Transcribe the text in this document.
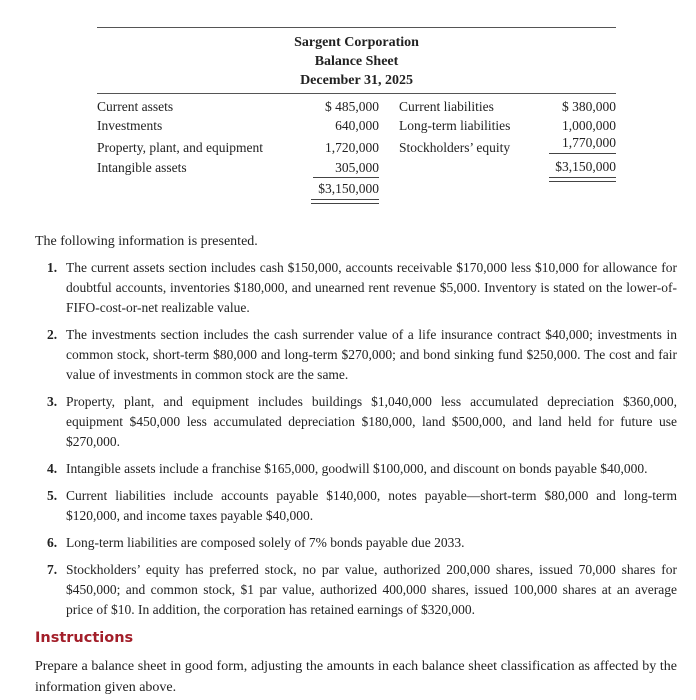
Sargent Corporation
Balance Sheet
December 31, 2025
Current assets	$ 485,000
Investments	640,000
Property, plant, and equipment	1,720,000
Intangible assets	305,000
$3,150,000
Current liabilities	$ 380,000
Long-term liabilities	1,000,000
Stockholders’ equity	1,770,000
$3,150,000
The following information is presented.
1. The current assets section includes cash $150,000, accounts receivable $170,000 less $10,000 for allowance for doubtful accounts, inventories $180,000, and unearned rent revenue $5,000. Inventory is stated on the lower-of-FIFO-cost-or-net realizable value.
2. The investments section includes the cash surrender value of a life insurance contract $40,000; investments in common stock, short-term $80,000 and long-term $270,000; and bond sinking fund $250,000. The cost and fair value of investments in common stock are the same.
3. Property, plant, and equipment includes buildings $1,040,000 less accumulated depreciation $360,000, equipment $450,000 less accumulated depreciation $180,000, land $500,000, and land held for future use $270,000.
4. Intangible assets include a franchise $165,000, goodwill $100,000, and discount on bonds payable $40,000.
5. Current liabilities include accounts payable $140,000, notes payable—short-term $80,000 and long-term $120,000, and income taxes payable $40,000.
6. Long-term liabilities are composed solely of 7% bonds payable due 2033.
7. Stockholders’ equity has preferred stock, no par value, authorized 200,000 shares, issued 70,000 shares for $450,000; and common stock, $1 par value, authorized 400,000 shares, issued 100,000 shares at an average price of $10. In addition, the corporation has retained earnings of $320,000.
Instructions
Prepare a balance sheet in good form, adjusting the amounts in each balance sheet classification as affected by the information given above.
